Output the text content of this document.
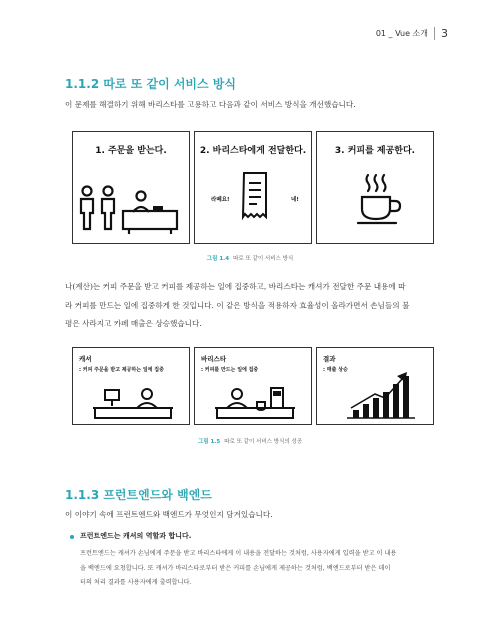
01 _ Vue 소개 3
1.1.2 따로 또 같이 서비스 방식
이 문제를 해결하기 위해 바리스타를 고용하고 다음과 같이 서비스 방식을 개선했습니다.
1. 주문을 받는다.	2. 바리스타에게 전달한다.
라떼요!	네!
3. 커피를 제공한다.
그림 1.4 따로 또 같이 서비스 방식
나(계산)는 커피 주문을 받고 커피를 제공하는 일에 집중하고, 바리스타는 캐셔가 전달한 주문 내용에 따
라 커피를 만드는 일에 집중하게 한 것입니다. 이 같은 방식을 적용하자 효율성이 올라가면서 손님들의 불
평은 사라지고 카페 매출은 상승했습니다.
캐셔
: 커피 주문을 받고 제공하는 일에 집중
바리스타
: 커피를 만드는 일에 집중
결과
: 매출 상승
그림 1.5 따로 또 같이 서비스 방식의 성공
1.1.3 프런트엔드와 백엔드
이 이야기 속에 프런트엔드와 백엔드가 무엇인지 담겨있습니다.
프런트엔드는 캐셔의 역할과 합니다.
프런트엔드는 캐셔가 손님에게 주문을 받고 바리스타에게 이 내용을 전달하는 것처럼, 사용자에게 입력을 받고 이 내용
을 백엔드에 요청합니다. 또 캐셔가 바리스타로부터 받은 커피를 손님에게 제공하는 것처럼, 백엔드로부터 받은 데이
터의 처리 결과를 사용자에게 출력합니다.
